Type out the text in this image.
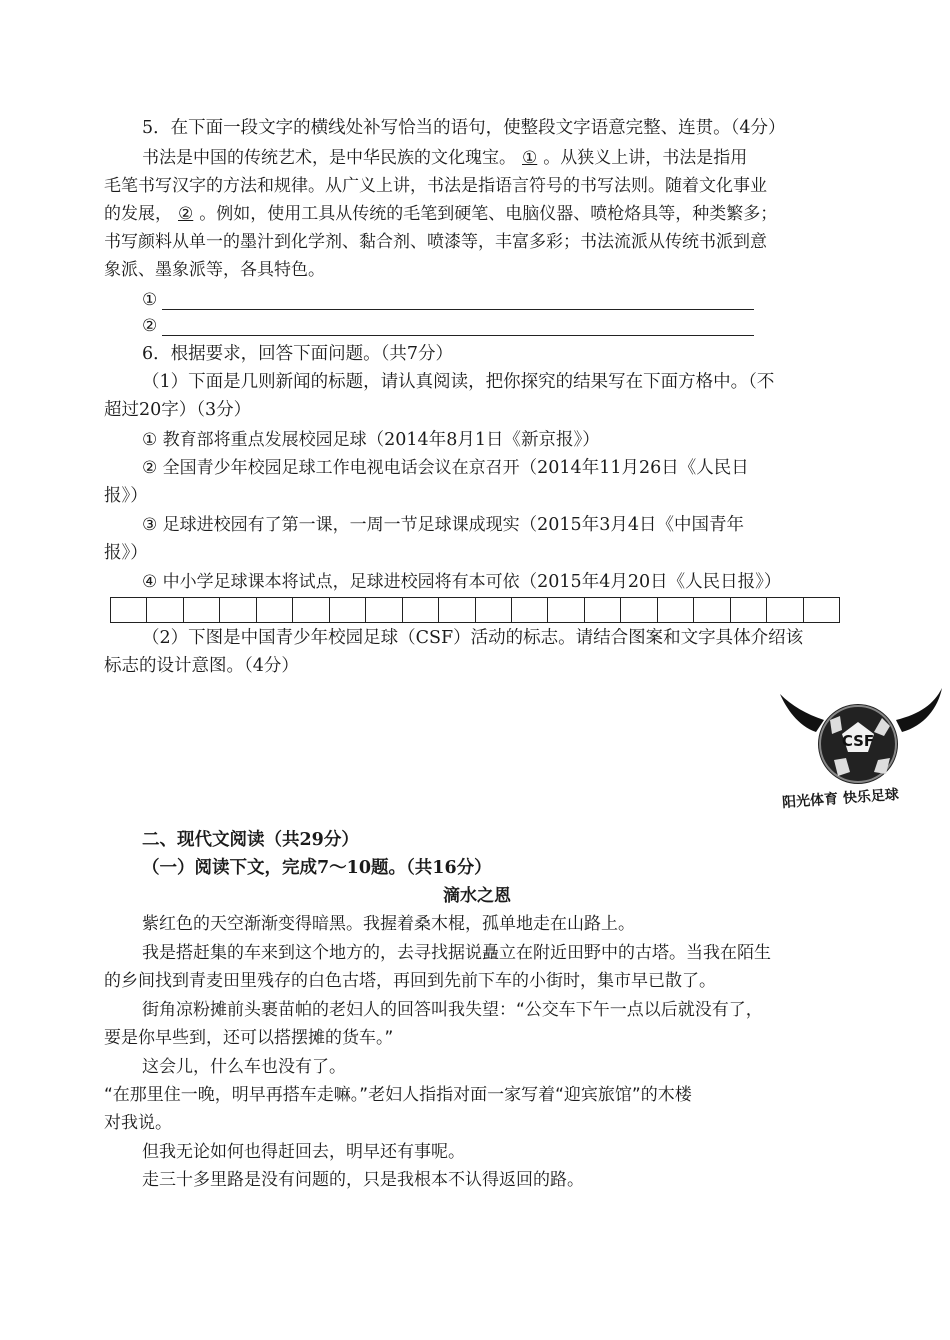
5．在下面一段文字的横线处补写恰当的语句，使整段文字语意完整、连贯。（4分）
书法是中国的传统艺术，是中华民族的文化瑰宝。 ① 。从狭义上讲，书法是指用
毛笔书写汉字的方法和规律。从广义上讲，书法是指语言符号的书写法则。随着文化事业
的发展， ② 。例如，使用工具从传统的毛笔到硬笔、电脑仪器、喷枪烙具等，种类繁多；
书写颜料从单一的墨汁到化学剂、黏合剂、喷漆等，丰富多彩；书法流派从传统书派到意
象派、墨象派等，各具特色。
①
②
6．根据要求，回答下面问题。（共7分）
（1）下面是几则新闻的标题，请认真阅读，把你探究的结果写在下面方格中。（不
超过20字）（3分）
① 教育部将重点发展校园足球（2014年8月1日《新京报》）
② 全国青少年校园足球工作电视电话会议在京召开（2014年11月26日《人民日
报》）
③ 足球进校园有了第一课，一周一节足球课成现实（2015年3月4日《中国青年
报》）
④ 中小学足球课本将试点，足球进校园将有本可依（2015年4月20日《人民日报》）
（2）下图是中国青少年校园足球（CSF）活动的标志。请结合图案和文字具体介绍该
标志的设计意图。（4分）
CSF
阳光体育 快乐足球
二、现代文阅读（共29分）
（一）阅读下文，完成7～10题。（共16分）
滴水之恩
紫红色的天空渐渐变得暗黑。我握着桑木棍，孤单地走在山路上。
我是搭赶集的车来到这个地方的，去寻找据说矗立在附近田野中的古塔。当我在陌生
的乡间找到青麦田里残存的白色古塔，再回到先前下车的小街时，集市早已散了。
街角凉粉摊前头裹苗帕的老妇人的回答叫我失望：“公交车下午一点以后就没有了，
要是你早些到，还可以搭摆摊的货车。”
这会儿，什么车也没有了。
“在那里住一晚，明早再搭车走嘛。”老妇人指指对面一家写着“迎宾旅馆”的木楼
对我说。
但我无论如何也得赶回去，明早还有事呢。
走三十多里路是没有问题的，只是我根本不认得返回的路。
